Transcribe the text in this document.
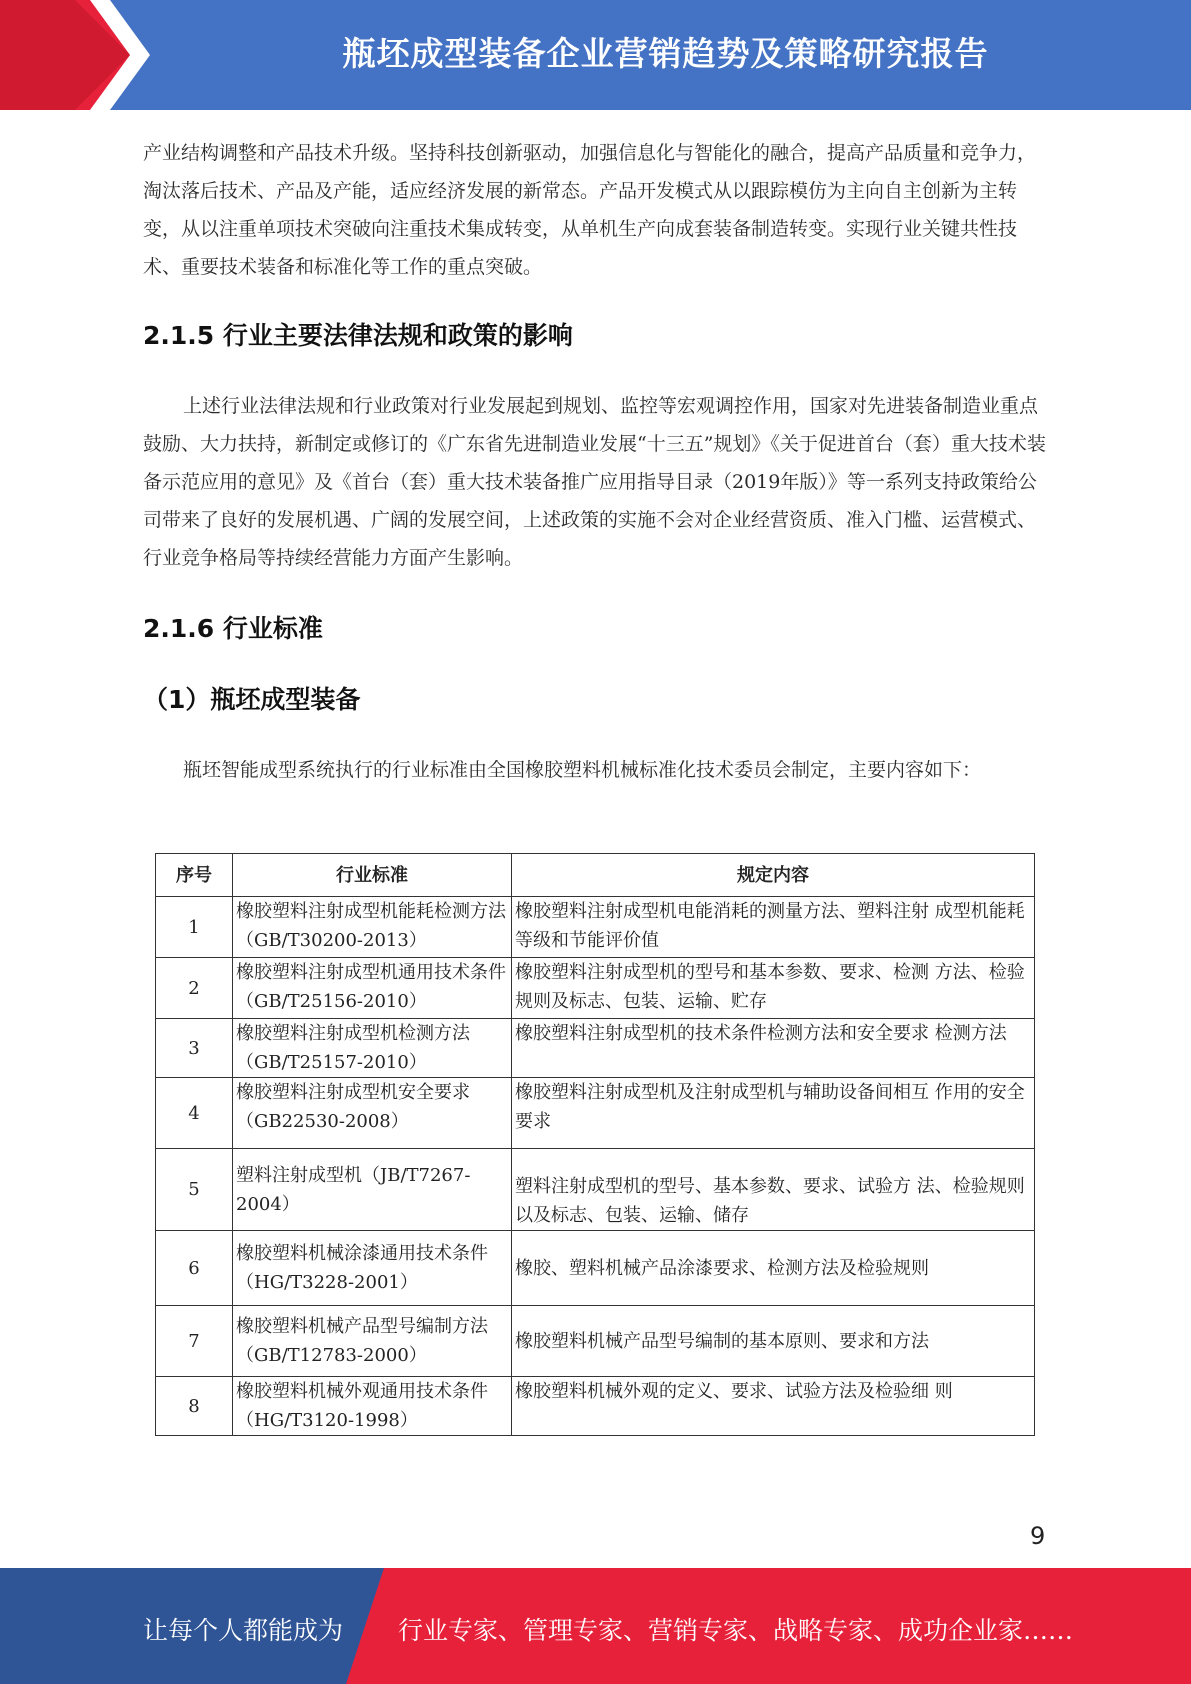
瓶坯成型装备企业营销趋势及策略研究报告

产业结构调整和产品技术升级。坚持科技创新驱动，加强信息化与智能化的融合，提高产品质量和竞争力，淘汰落后技术、产品及产能，适应经济发展的新常态。产品开发模式从以跟踪模仿为主向自主创新为主转变，从以注重单项技术突破向注重技术集成转变，从单机生产向成套装备制造转变。实现行业关键共性技术、重要技术装备和标准化等工作的重点突破。

2.1.5 行业主要法律法规和政策的影响

上述行业法律法规和行业政策对行业发展起到规划、监控等宏观调控作用，国家对先进装备制造业重点鼓励、大力扶持，新制定或修订的《广东省先进制造业发展“十三五”规划》《关于促进首台（套）重大技术装备示范应用的意见》及《首台（套）重大技术装备推广应用指导目录（2019年版）》等一系列支持政策给公司带来了良好的发展机遇、广阔的发展空间，上述政策的实施不会对企业经营资质、准入门槛、运营模式、行业竞争格局等持续经营能力方面产生影响。

2.1.6 行业标准
（1）瓶坯成型装备

瓶坯智能成型系统执行的行业标准由全国橡胶塑料机械标准化技术委员会制定，主要内容如下：

序号	行业标准	规定内容
1	橡胶塑料注射成型机能耗检测方法（GB/T30200-2013）	橡胶塑料注射成型机电能消耗的测量方法、塑料注射 成型机能耗等级和节能评价值
2	橡胶塑料注射成型机通用技术条件（GB/T25156-2010）	橡胶塑料注射成型机的型号和基本参数、要求、检测 方法、检验规则及标志、包装、运输、贮存
3	橡胶塑料注射成型机检测方法（GB/T25157-2010）	橡胶塑料注射成型机的技术条件检测方法和安全要求 检测方法
4	橡胶塑料注射成型机安全要求（GB22530-2008）	橡胶塑料注射成型机及注射成型机与辅助设备间相互 作用的安全要求
5	塑料注射成型机（JB/T7267-2004）	塑料注射成型机的型号、基本参数、要求、试验方 法、检验规则以及标志、包装、运输、储存
6	橡胶塑料机械涂漆通用技术条件（HG/T3228-2001）	橡胶、塑料机械产品涂漆要求、检测方法及检验规则
7	橡胶塑料机械产品型号编制方法（GB/T12783-2000）	橡胶塑料机械产品型号编制的基本原则、要求和方法
8	橡胶塑料机械外观通用技术条件（HG/T3120-1998）	橡胶塑料机械外观的定义、要求、试验方法及检验细 则
9
让每个人都能成为 行业专家、管理专家、营销专家、战略专家、成功企业家……
